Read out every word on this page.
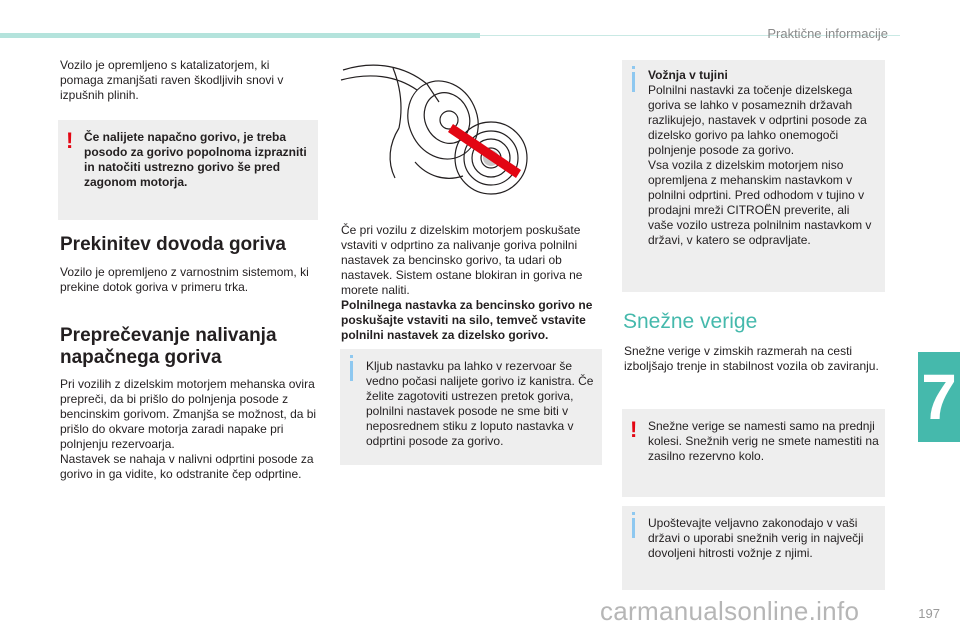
Praktične informacije
7

Vozilo je opremljeno s katalizatorjem, ki pomaga zmanjšati raven škodljivih snovi v izpušnih plinih.

! Če nalijete napačno gorivo, je treba posodo za gorivo popolnoma izprazniti in natočiti ustrezno gorivo še pred zagonom motorja.
Prekinitev dovoda goriva

Vozilo je opremljeno z varnostnim sistemom, ki prekine dotok goriva v primeru trka.

Preprečevanje nalivanja
napačnega goriva

Pri vozilih z dizelskim motorjem mehanska ovira prepreči, da bi prišlo do polnjenja posode z bencinskim gorivom. Zmanjša se možnost, da bi prišlo do okvare motorja zaradi napake pri polnjenju rezervoarja.

Nastavek se nahaja v nalivni odprtini posode za gorivo in ga vidite, ko odstranite čep odprtine.

Če pri vozilu z dizelskim motorjem poskušate vstaviti v odprtino za nalivanje goriva polnilni nastavek za bencinsko gorivo, ta udari ob nastavek. Sistem ostane blokiran in goriva ne morete naliti.

Polnilnega nastavka za bencinsko gorivo ne poskušajte vstaviti na silo, temveč vstavite polnilni nastavek za dizelsko gorivo.

Kljub nastavku pa lahko v rezervoar še vedno počasi nalijete gorivo iz kanistra. Če želite zagotoviti ustrezen pretok goriva, polnilni nastavek posode ne sme biti v neposrednem stiku z loputo nastavka v odprtini posode za gorivo.

Vožnja v tujini

Polnilni nastavki za točenje dizelskega goriva se lahko v posameznih državah razlikujejo, nastavek v odprtini posode za dizelsko gorivo pa lahko onemogoči polnjenje posode za gorivo.

Vsa vozila z dizelskim motorjem niso opremljena z mehanskim nastavkom v polnilni odprtini. Pred odhodom v tujino v prodajni mreži CITROËN preverite, ali vaše vozilo ustreza polnilnim nastavkom v državi, v katero se odpravljate.

Snežne verige

Snežne verige v zimskih razmerah na cesti izboljšajo trenje in stabilnost vozila ob zaviranju.

! Snežne verige se namesti samo na prednji kolesi. Snežnih verig ne smete namestiti na zasilno rezervno kolo.
Upoštevajte veljavno zakonodajo v vaši državi o uporabi snežnih verig in največji dovoljeni hitrosti vožnje z njimi.
carmanualsonline.info	197
